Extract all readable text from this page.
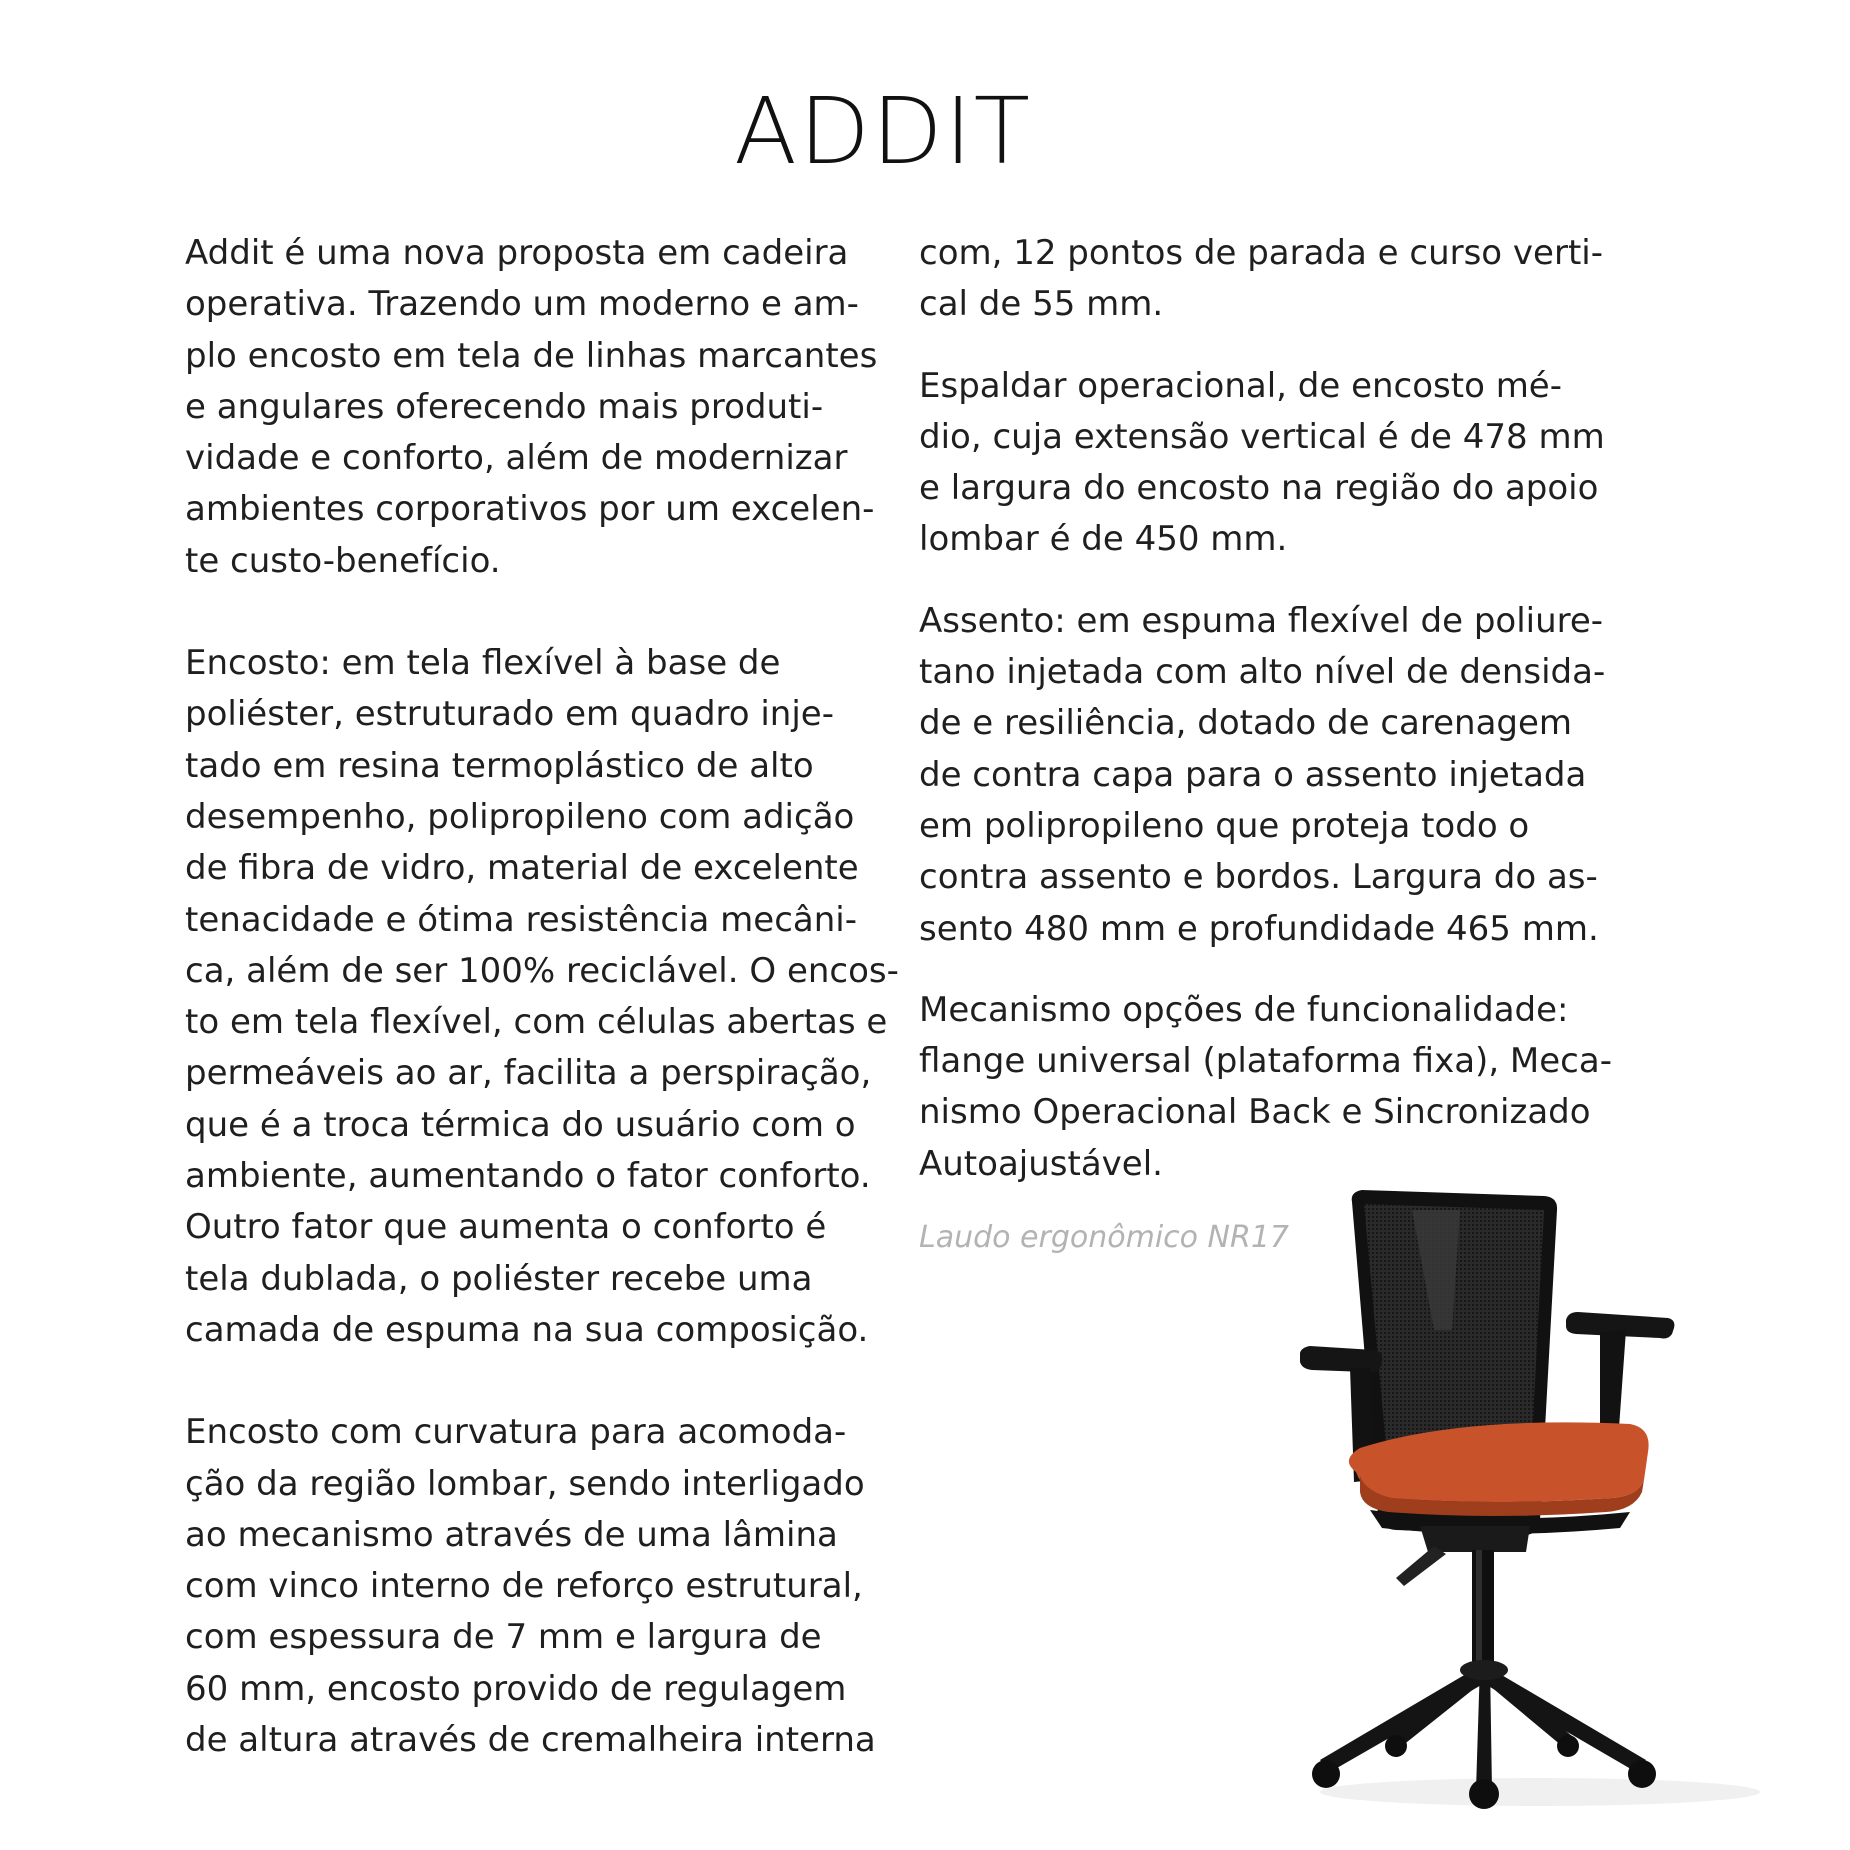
ADDIT

Addit é uma nova proposta em cadeira
operativa. Trazendo um moderno e am-
plo encosto em tela de linhas marcantes
e angulares oferecendo mais produti-
vidade e conforto, além de modernizar
ambientes corporativos por um excelen-
te custo-benefício.

Encosto: em tela flexível à base de
poliéster, estruturado em quadro inje-
tado em resina termoplástico de alto
desempenho, polipropileno com adição
de fibra de vidro, material de excelente
tenacidade e ótima resistência mecâni-
ca, além de ser 100% reciclável. O encos-
to em tela flexível, com células abertas e
permeáveis ao ar, facilita a perspiração,
que é a troca térmica do usuário com o
ambiente, aumentando o fator conforto.
Outro fator que aumenta o conforto é
tela dublada, o poliéster recebe uma
camada de espuma na sua composição.

Encosto com curvatura para acomoda-
ção da região lombar, sendo interligado
ao mecanismo através de uma lâmina
com vinco interno de reforço estrutural,
com espessura de 7 mm e largura de
60 mm, encosto provido de regulagem
de altura através de cremalheira interna

com, 12 pontos de parada e curso verti-
cal de 55 mm.

Espaldar operacional, de encosto mé-
dio, cuja extensão vertical é de 478 mm
e largura do encosto na região do apoio
lombar é de 450 mm.

Assento: em espuma flexível de poliure-
tano injetada com alto nível de densida-
de e resiliência, dotado de carenagem
de contra capa para o assento injetada
em polipropileno que proteja todo o
contra assento e bordos. Largura do as-
sento 480 mm e profundidade 465 mm.

Mecanismo opções de funcionalidade:
flange universal (plataforma fixa), Meca-
nismo Operacional Back e Sincronizado
Autoajustável.

Laudo ergonômico NR17
